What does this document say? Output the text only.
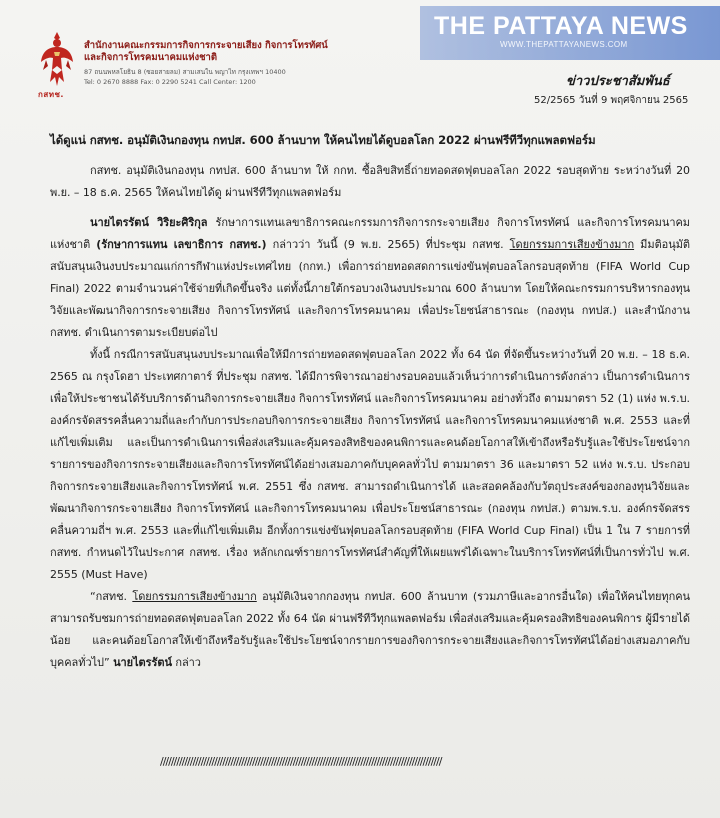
กสทช.
สำนักงานคณะกรรมการกิจการกระจายเสียง กิจการโทรทัศน์
และกิจการโทรคมนาคมแห่งชาติ
87 ถนนพหลโยธิน 8 (ซอยสายลม) สามเสนใน พญาไท กรุงเทพฯ 10400
Tel: 0 2670 8888 Fax: 0 2290 5241 Call Center: 1200
THE PATTAYA NEWS
WWW.THEPATTAYANEWS.COM
ข่าวประชาสัมพันธ์
52/2565 วันที่ 9 พฤศจิกายน 2565
ได้ดูแน่ กสทช. อนุมัติเงินกองทุน กทปส. 600 ล้านบาท ให้คนไทยได้ดูบอลโลก 2022 ผ่านฟรีทีวีทุกแพลตฟอร์ม

กสทช. อนุมัติเงินกองทุน กทปส. 600 ล้านบาท ให้ กกท. ซื้อลิขสิทธิ์ถ่ายทอดสดฟุตบอลโลก 2022 รอบสุดท้าย ระหว่างวันที่ 20 พ.ย. – 18 ธ.ค. 2565 ให้คนไทยได้ดู ผ่านฟรีทีวีทุกแพลตฟอร์ม

นายไตรรัตน์ วิริยะศิริกุล รักษาการแทนเลขาธิการคณะกรรมการกิจการกระจายเสียง กิจการโทรทัศน์ และกิจการโทรคมนาคมแห่งชาติ (รักษาการแทน เลขาธิการ กสทช.) กล่าวว่า วันนี้ (9 พ.ย. 2565) ที่ประชุม กสทช. โดยกรรมการเสียงข้างมาก มีมติอนุมัติสนับสนุนเงินงบประมาณแก่การกีฬาแห่งประเทศไทย (กกท.) เพื่อการถ่ายทอดสดการแข่งขันฟุตบอลโลกรอบสุดท้าย (FIFA World Cup Final) 2022 ตามจำนวนค่าใช้จ่ายที่เกิดขึ้นจริง แต่ทั้งนี้ภายใต้กรอบวงเงินงบประมาณ 600 ล้านบาท โดยให้คณะกรรมการบริหารกองทุนวิจัยและพัฒนากิจการกระจายเสียง กิจการโทรทัศน์ และกิจการโทรคมนาคม เพื่อประโยชน์สาธารณะ (กองทุน กทปส.) และสำนักงาน กสทช. ดำเนินการตามระเบียบต่อไป

ทั้งนี้ กรณีการสนับสนุนงบประมาณเพื่อให้มีการถ่ายทอดสดฟุตบอลโลก 2022 ทั้ง 64 นัด ที่จัดขึ้นระหว่างวันที่ 20 พ.ย. – 18 ธ.ค. 2565 ณ กรุงโดฮา ประเทศกาตาร์ ที่ประชุม กสทช. ได้มีการพิจารณาอย่างรอบคอบแล้วเห็นว่าการดำเนินการดังกล่าว เป็นการดำเนินการเพื่อให้ประชาชนได้รับบริการด้านกิจการกระจายเสียง กิจการโทรทัศน์ และกิจการโทรคมนาคม อย่างทั่วถึง ตามมาตรา 52 (1) แห่ง พ.ร.บ. องค์กรจัดสรรคลื่นความถี่และกำกับการประกอบกิจการกระจายเสียง กิจการโทรทัศน์ และกิจการโทรคมนาคมแห่งชาติ พ.ศ. 2553 และที่แก้ไขเพิ่มเติม และเป็นการดำเนินการเพื่อส่งเสริมและคุ้มครองสิทธิของคนพิการและคนด้อยโอกาสให้เข้าถึงหรือรับรู้และใช้ประโยชน์จากรายการของกิจการกระจายเสียงและกิจการโทรทัศน์ได้อย่างเสมอภาคกับบุคคลทั่วไป ตามมาตรา 36 และมาตรา 52 แห่ง พ.ร.บ. ประกอบกิจการกระจายเสียงและกิจการโทรทัศน์ พ.ศ. 2551 ซึ่ง กสทช. สามารถดำเนินการได้ และสอดคล้องกับวัตถุประสงค์ของกองทุนวิจัยและพัฒนากิจการกระจายเสียง กิจการโทรทัศน์ และกิจการโทรคมนาคม เพื่อประโยชน์สาธารณะ (กองทุน กทปส.) ตามพ.ร.บ. องค์กรจัดสรรคลื่นความถี่ฯ พ.ศ. 2553 และที่แก้ไขเพิ่มเติม อีกทั้งการแข่งขันฟุตบอลโลกรอบสุดท้าย (FIFA World Cup Final) เป็น 1 ใน 7 รายการที่ กสทช. กำหนดไว้ในประกาศ กสทช. เรื่อง หลักเกณฑ์รายการโทรทัศน์สำคัญที่ให้เผยแพร่ได้เฉพาะในบริการโทรทัศน์ที่เป็นการทั่วไป พ.ศ. 2555 (Must Have)

“กสทช. โดยกรรมการเสียงข้างมาก อนุมัติเงินจากกองทุน กทปส. 600 ล้านบาท (รวมภาษีและอากรอื่นใด) เพื่อให้คนไทยทุกคนสามารถรับชมการถ่ายทอดสดฟุตบอลโลก 2022 ทั้ง 64 นัด ผ่านฟรีทีวีทุกแพลตฟอร์ม เพื่อส่งเสริมและคุ้มครองสิทธิของคนพิการ ผู้มีรายได้น้อย และคนด้อยโอกาสให้เข้าถึงหรือรับรู้และใช้ประโยชน์จากรายการของกิจการกระจายเสียงและกิจการโทรทัศน์ได้อย่างเสมอภาคกับบุคคลทั่วไป” นายไตรรัตน์ กล่าว

////////////////////////////////////////////////////////////////////////////////////////////////////////
